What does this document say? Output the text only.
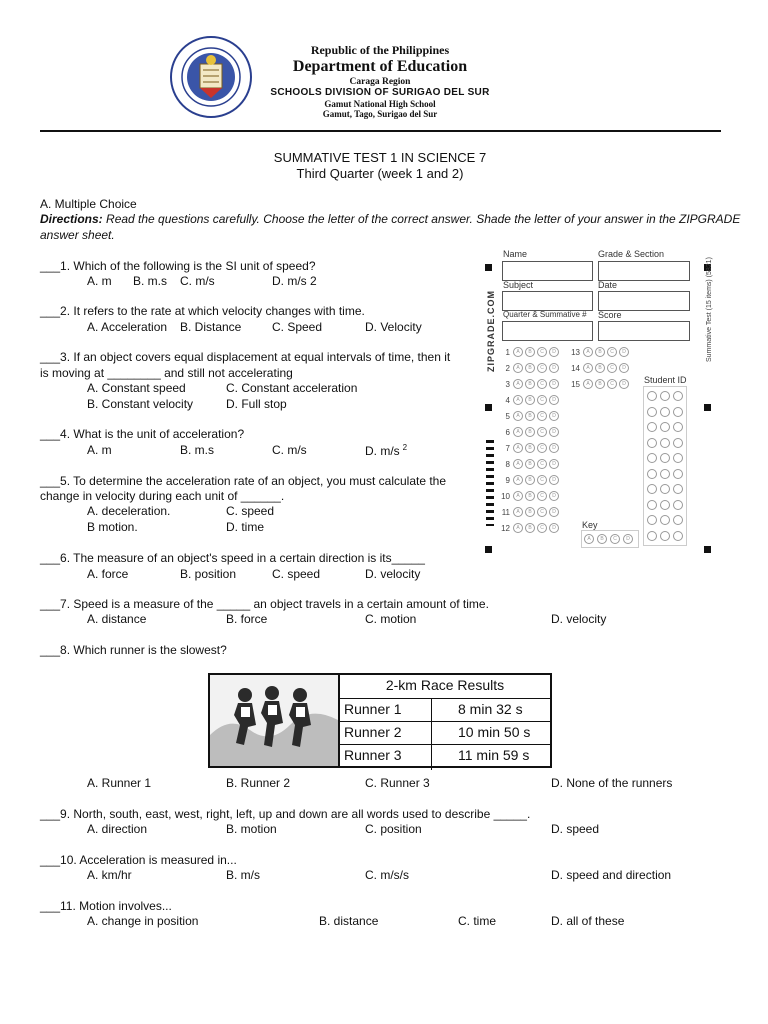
Republic of the Philippines
Department of Education
Caraga Region
SCHOOLS DIVISION OF SURIGAO DEL SUR
Gamut National High School
Gamut, Tago, Surigao del Sur
SUMMATIVE TEST 1 IN SCIENCE 7
Third Quarter (week 1 and 2)
A. Multiple Choice
Directions: Read the questions carefully. Choose the letter of the correct answer. Shade the letter of your answer in the ZIPGRADE
answer sheet.
Name	Grade & Section
Subject	Date
Quarter & Summative # Score
ZIPGRADE.COM	Summative Test (15 items) (5821)
1	A	B	C	D
2	A	B	C	D
3	A	B	C	D
4	A	B	C	D
5	A	B	C	D
6	A	B	C	D
7	A	B	C	D
8	A	B	C	D
9	A	B	C	D
10	A	B	C	D
11	A	B	C	D
12	A	B	C	D
13	A	B	C	D
14	A	B	C	D
15	A	B	C	D	Student ID
Key
A	B	C	D
___1. Which of the following is the SI unit of speed?
A. m B. m.s C. m/s	D. m/s 2
___2. It refers to the rate at which velocity changes with time.
A. Acceleration B. Distance	C. Speed	D. Velocity
___3. If an object covers equal displacement at equal intervals of time, then it
is moving at ________ and still not accelerating
A. Constant speed	C. Constant acceleration
B. Constant velocity	D. Full stop
___4. What is the unit of acceleration?
A. m	B. m.s	C. m/s	D. m/s $^2$
___5. To determine the acceleration rate of an object, you must calculate the
change in velocity during each unit of ______.
A. deceleration.	C. speed
B motion.	D. time
___6. The measure of an object's speed in a certain direction is its_____
A. force	B. position	C. speed	D. velocity
___7. Speed is a measure of the _____ an object travels in a certain amount of time.
A. distance	B. force	C. motion	D. velocity
___8. Which runner is the slowest?
2-km Race Results
Runner 1	8 min 32 s
Runner 2	10 min 50 s
Runner 3	11 min 59 s
A. Runner 1	B. Runner 2	C. Runner 3	D. None of the runners
___9. North, south, east, west, right, left, up and down are all words used to describe _____.
A. direction	B. motion	C. position	D. speed
___10. Acceleration is measured in...
A. km/hr	B. m/s	C. m/s/s	D. speed and direction
___11. Motion involves...
A. change in position	B. distance	C. time	D. all of these
